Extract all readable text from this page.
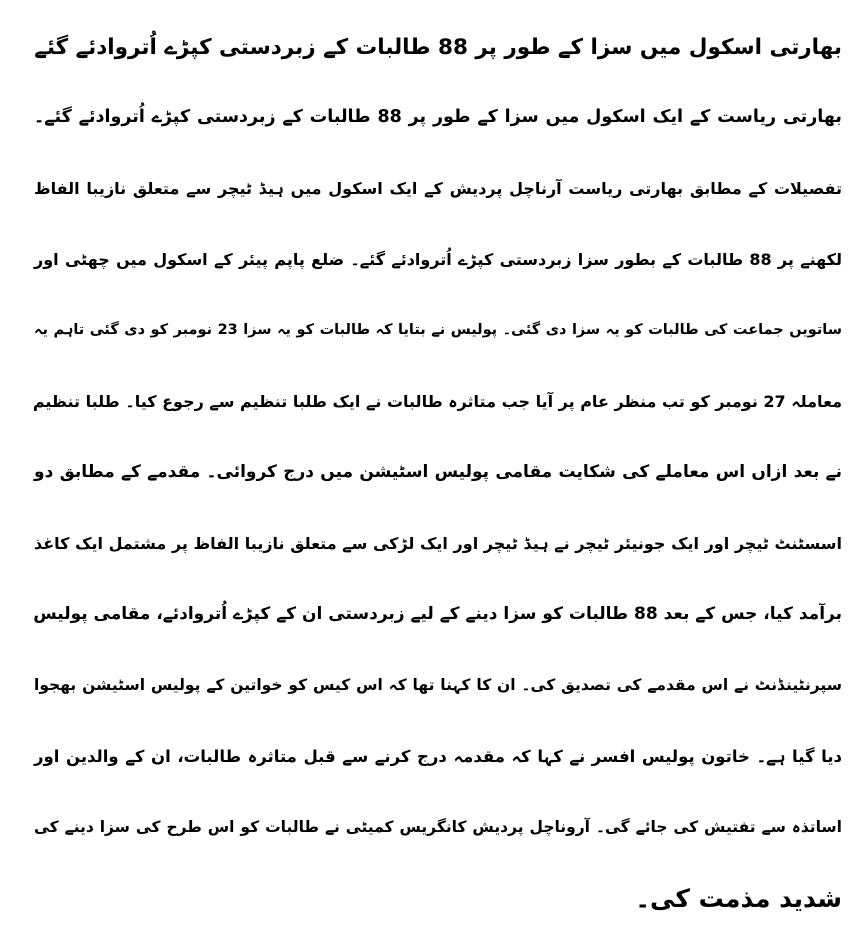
بھارتی اسکول میں سزا کے طور پر 88 طالبات کے زبردستی کپڑے اُتروادئے گئے
بھارتی ریاست کے ایک اسکول میں سزا کے طور پر 88 طالبات کے زبردستی کپڑے اُتروادئے گئے۔
تفصیلات کے مطابق بھارتی ریاست آرناچل پردیش کے ایک اسکول میں ہیڈ ٹیچر سے متعلق نازیبا الفاظ
لکھنے پر 88 طالبات کے بطور سزا زبردستی کپڑے اُتروادئے گئے۔ ضلع پاپم پیئر کے اسکول میں چھٹی اور
ساتویں جماعت کی طالبات کو یہ سزا دی گئی۔ پولیس نے بتایا کہ طالبات کو یہ سزا 23 نومبر کو دی گئی تاہم یہ
معاملہ 27 نومبر کو تب منظر عام پر آیا جب متاثرہ طالبات نے ایک طلبا تنظیم سے رجوع کیا۔ طلبا تنظیم
نے بعد ازاں اس معاملے کی شکایت مقامی پولیس اسٹیشن میں درج کروائی۔ مقدمے کے مطابق دو
اسسٹنٹ ٹیچر اور ایک جونیئر ٹیچر نے ہیڈ ٹیچر اور ایک لڑکی سے متعلق نازیبا الفاظ پر مشتمل ایک کاغذ
برآمد کیا، جس کے بعد 88 طالبات کو سزا دینے کے لیے زبردستی ان کے کپڑے اُتروادئے، مقامی پولیس
سپرنٹینڈنٹ نے اس مقدمے کی تصدیق کی۔ ان کا کہنا تھا کہ اس کیس کو خواتین کے پولیس اسٹیشن بھجوا
دیا گیا ہے۔ خاتون پولیس افسر نے کہا کہ مقدمہ درج کرنے سے قبل متاثرہ طالبات، ان کے والدین اور
اساتذہ سے تفتیش کی جائے گی۔ آروناچل پردیش کانگریس کمیٹی نے طالبات کو اس طرح کی سزا دینے کی
شدید مذمت کی۔
